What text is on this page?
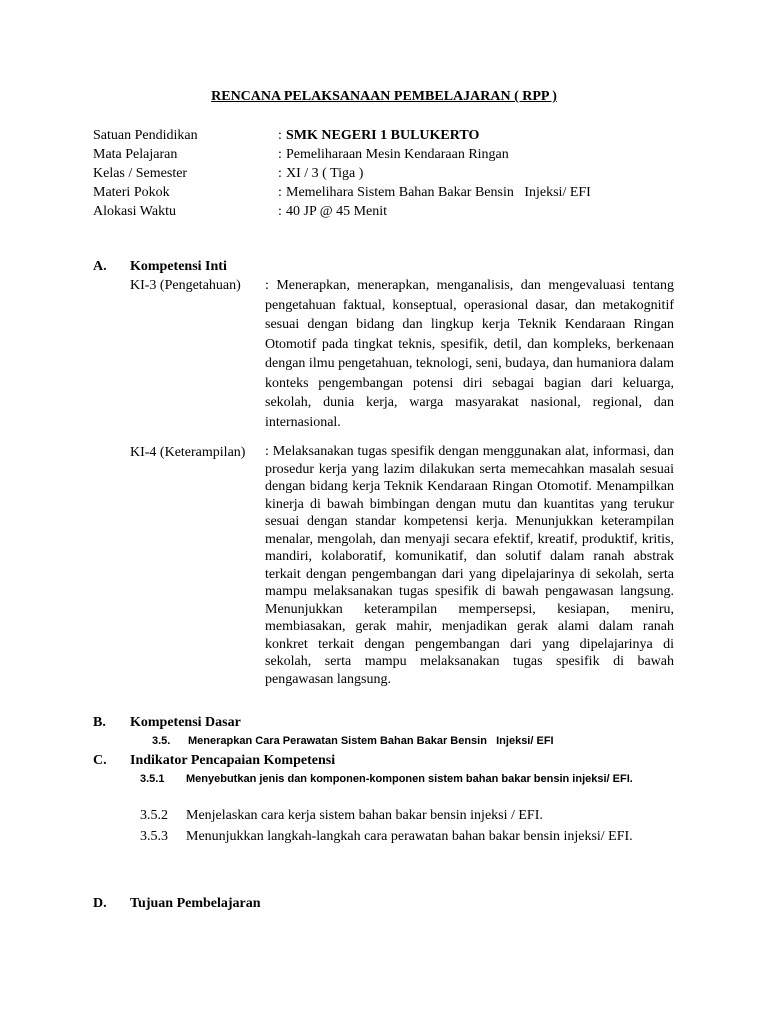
RENCANA PELAKSANAAN PEMBELAJARAN ( RPP )
Satuan Pendidikan	: SMK NEGERI 1 BULUKERTO
Mata Pelajaran	: Pemeliharaan Mesin Kendaraan Ringan
Kelas / Semester	: XI / 3 ( Tiga )
Materi Pokok	: Memelihara Sistem Bahan Bakar Bensin   Injeksi/ EFI
Alokasi Waktu	: 40 JP @ 45 Menit
A. Kompetensi Inti
KI-3 (Pengetahuan) : Menerapkan, menerapkan, menganalisis, dan mengevaluasi tentang pengetahuan faktual, konseptual, operasional dasar, dan metakognitif sesuai dengan bidang dan lingkup kerja Teknik Kendaraan Ringan Otomotif pada tingkat teknis, spesifik, detil, dan kompleks, berkenaan dengan ilmu pengetahuan, teknologi, seni, budaya, dan humaniora dalam konteks pengembangan potensi diri sebagai bagian dari keluarga, sekolah, dunia kerja, warga masyarakat nasional, regional, dan internasional.
KI-4 (Keterampilan) : Melaksanakan tugas spesifik dengan menggunakan alat, informasi, dan prosedur kerja yang lazim dilakukan serta memecahkan masalah sesuai dengan bidang kerja Teknik Kendaraan Ringan Otomotif. Menampilkan kinerja di bawah bimbingan dengan mutu dan kuantitas yang terukur sesuai dengan standar kompetensi kerja. Menunjukkan keterampilan menalar, mengolah, dan menyaji secara efektif, kreatif, produktif, kritis, mandiri, kolaboratif, komunikatif, dan solutif dalam ranah abstrak terkait dengan pengembangan dari yang dipelajarinya di sekolah, serta mampu melaksanakan tugas spesifik di bawah pengawasan langsung. Menunjukkan keterampilan mempersepsi, kesiapan, meniru, membiasakan, gerak mahir, menjadikan gerak alami dalam ranah konkret terkait dengan pengembangan dari yang dipelajarinya di sekolah, serta mampu melaksanakan tugas spesifik di bawah pengawasan langsung.
B. Kompetensi Dasar
3.5. Menerapkan Cara Perawatan Sistem Bahan Bakar Bensin   Injeksi/ EFI
C. Indikator Pencapaian Kompetensi
3.5.1 Menyebutkan jenis dan komponen-komponen sistem bahan bakar bensin injeksi/ EFI.
3.5.2 Menjelaskan cara kerja sistem bahan bakar bensin injeksi / EFI.
3.5.3 Menunjukkan langkah-langkah cara perawatan bahan bakar bensin injeksi/ EFI.
D. Tujuan Pembelajaran
